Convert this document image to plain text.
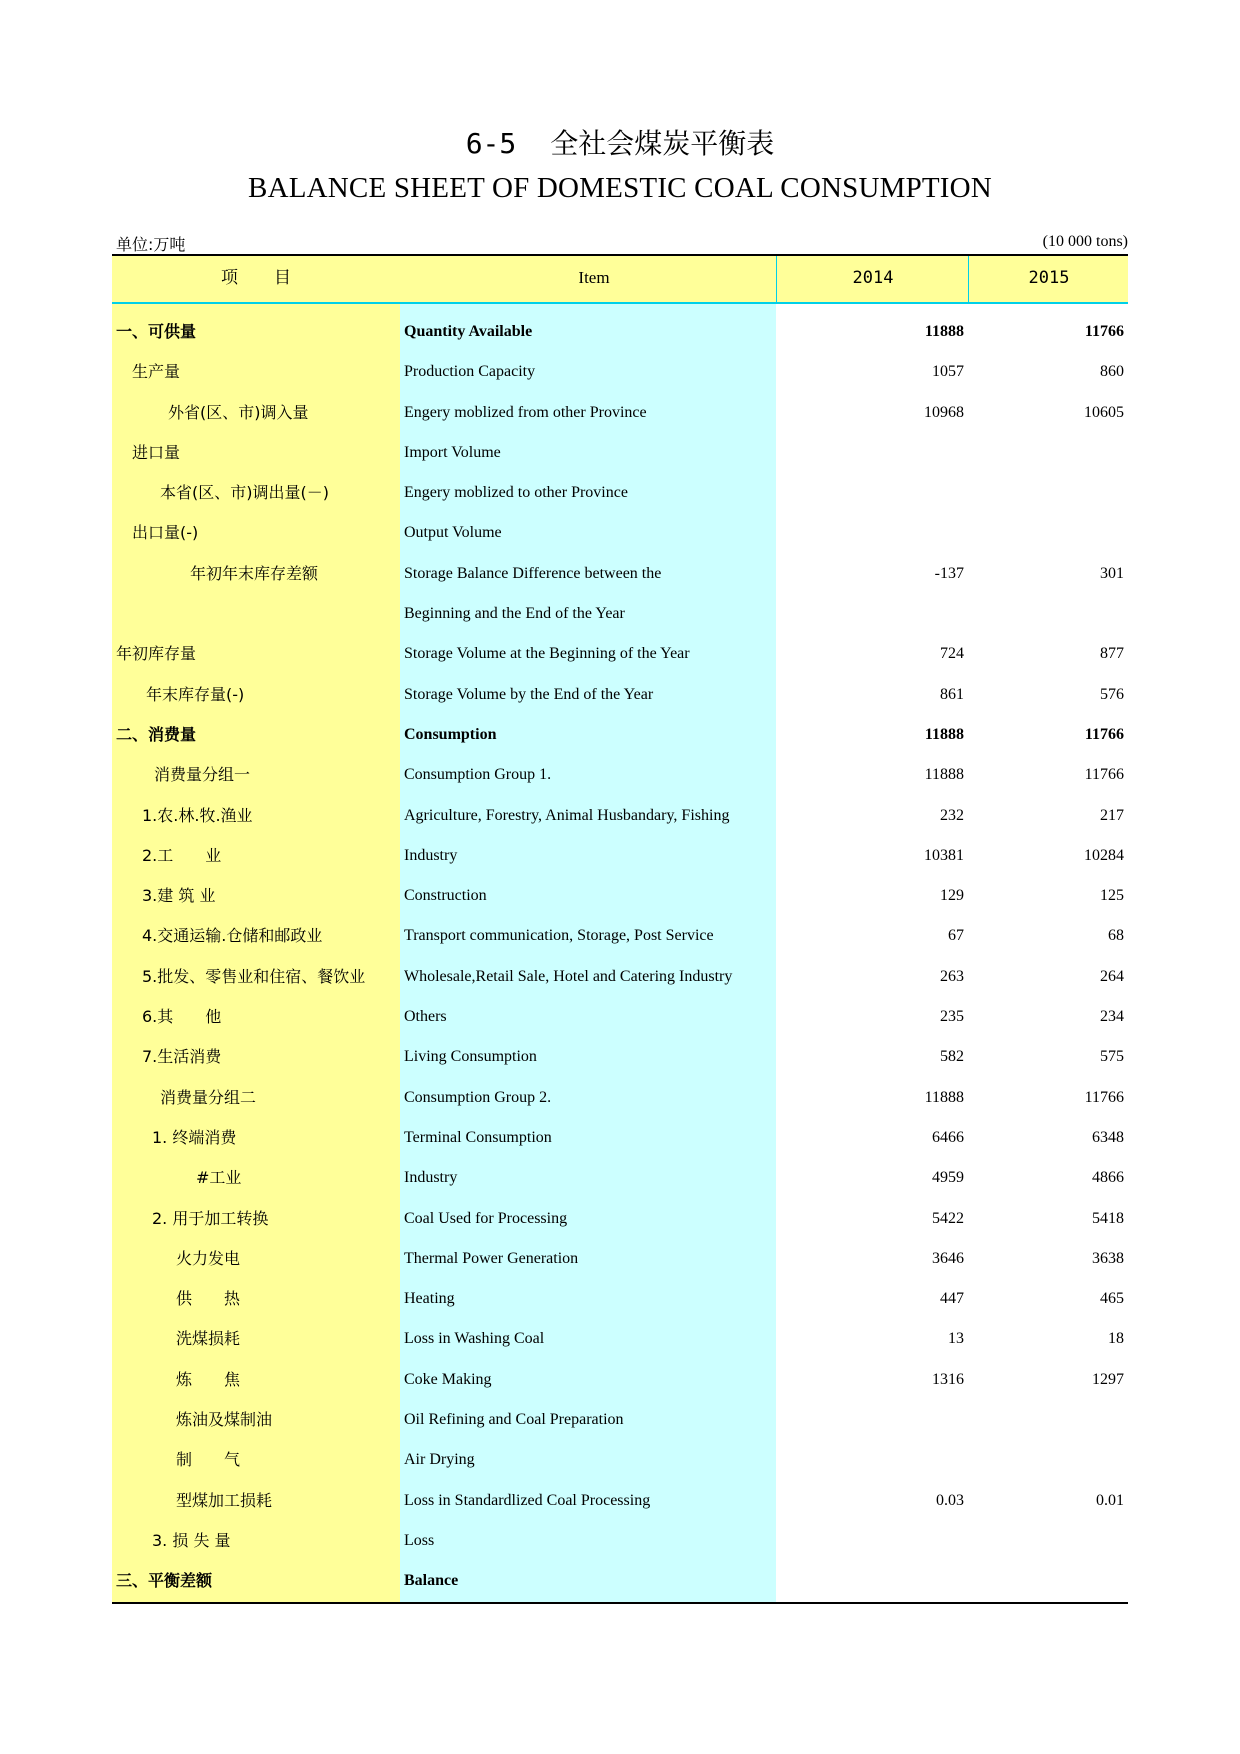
6-5 全社会煤炭平衡表
BALANCE SHEET OF DOMESTIC COAL CONSUMPTION
单位:万吨	(10 000 tons)
项 目	Item	2014	2015
一、可供量	Quantity Available	11888	11766
生产量	Production Capacity	1057	860
外省(区、市)调入量	Engery moblized from other Province	10968	10605
进口量	Import Volume
本省(区、市)调出量(－)	Engery moblized to other Province
出口量(-)	Output Volume
年初年末库存差额	Storage Balance Difference between the	-137	301
Beginning and the End of the Year
年初库存量	Storage Volume at the Beginning of the Year	724	877
年末库存量(-)	Storage Volume by the End of the Year	861	576
二、消费量	Consumption	11888	11766
消费量分组一	Consumption Group 1.	11888	11766
1.农.林.牧.渔业	Agriculture, Forestry, Animal Husbandary, Fishing	232	217
2.工　　业	Industry	10381	10284
3.建 筑 业	Construction	129	125
4.交通运输.仓储和邮政业	Transport communication, Storage, Post Service	67	68
5.批发、零售业和住宿、餐饮业	Wholesale,Retail Sale, Hotel and Catering Industry	263	264
6.其　　他	Others	235	234
7.生活消费	Living Consumption	582	575
消费量分组二	Consumption Group 2.	11888	11766
1. 终端消费	Terminal Consumption	6466	6348
#工业	Industry	4959	4866
2. 用于加工转换	Coal Used for Processing	5422	5418
火力发电	Thermal Power Generation	3646	3638
供　　热	Heating	447	465
洗煤损耗	Loss in Washing Coal	13	18
炼　　焦	Coke Making	1316	1297
炼油及煤制油	Oil Refining and Coal Preparation
制　　气	Air Drying
型煤加工损耗	Loss in Standardlized Coal Processing	0.03	0.01
3. 损 失 量	Loss
三、平衡差额	Balance
